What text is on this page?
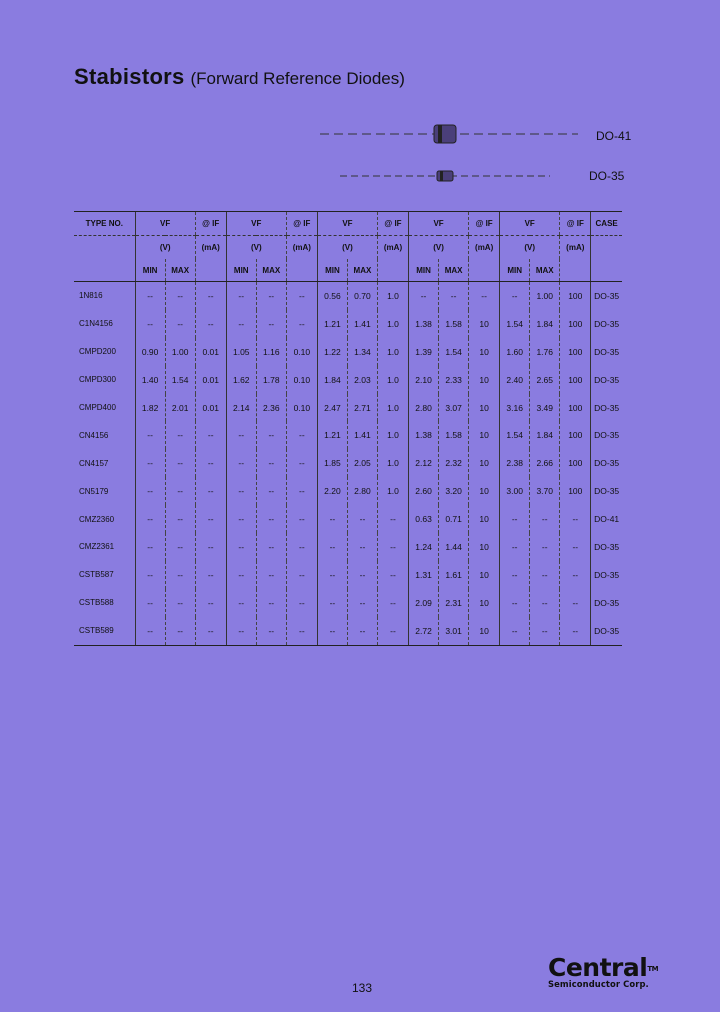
Stabistors (Forward Reference Diodes)
DO-41
DO-35
TYPE NO.	VF		@ IF	VF		@ IF	VF		@ IF	VF		@ IF	VF		@ IF	CASE
	(V)		(mA)	(V)		(mA)	(V)		(mA)	(V)		(mA)	(V)		(mA)	
	MIN	MAX		MIN	MAX		MIN	MAX		MIN	MAX		MIN	MAX		
1N816	--	--	--	--	--	--	0.56	0.70	1.0	--	--	--	--	1.00	100	DO-35
C1N4156	--	--	--	--	--	--	1.21	1.41	1.0	1.38	1.58	10	1.54	1.84	100	DO-35
CMPD200	0.90	1.00	0.01	1.05	1.16	0.10	1.22	1.34	1.0	1.39	1.54	10	1.60	1.76	100	DO-35
CMPD300	1.40	1.54	0.01	1.62	1.78	0.10	1.84	2.03	1.0	2.10	2.33	10	2.40	2.65	100	DO-35
CMPD400	1.82	2.01	0.01	2.14	2.36	0.10	2.47	2.71	1.0	2.80	3.07	10	3.16	3.49	100	DO-35
CN4156	--	--	--	--	--	--	1.21	1.41	1.0	1.38	1.58	10	1.54	1.84	100	DO-35
CN4157	--	--	--	--	--	--	1.85	2.05	1.0	2.12	2.32	10	2.38	2.66	100	DO-35
CN5179	--	--	--	--	--	--	2.20	2.80	1.0	2.60	3.20	10	3.00	3.70	100	DO-35
CMZ2360	--	--	--	--	--	--	--	--	--	0.63	0.71	10	--	--	--	DO-41
CMZ2361	--	--	--	--	--	--	--	--	--	1.24	1.44	10	--	--	--	DO-35
CSTB587	--	--	--	--	--	--	--	--	--	1.31	1.61	10	--	--	--	DO-35
CSTB588	--	--	--	--	--	--	--	--	--	2.09	2.31	10	--	--	--	DO-35
CSTB589	--	--	--	--	--	--	--	--	--	2.72	3.01	10	--	--	--	DO-35
133
Central™
Semiconductor Corp.
